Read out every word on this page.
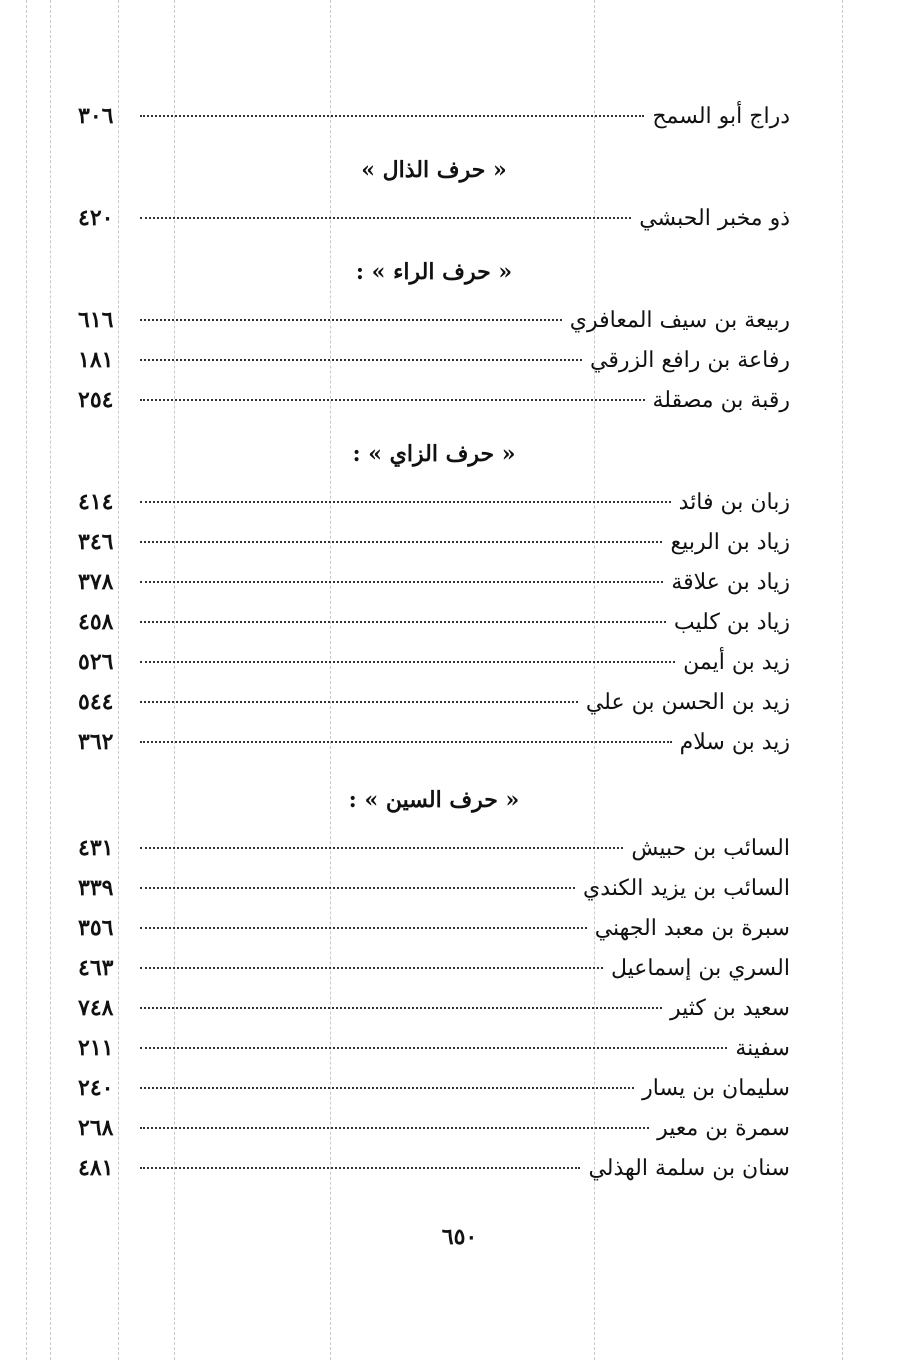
دراج أبو السمح
٣٠٦
« حرف الذال »
ذو مخبر الحبشي
٤٢٠
« حرف الراء » :
ربيعة بن سيف المعافري
٦١٦
رفاعة بن رافع الزرقي
١٨١
رقبة بن مصقلة
٢٥٤
« حرف الزاي » :
زبان بن فائد
٤١٤
زياد بن الربيع
٣٤٦
زياد بن علاقة
٣٧٨
زياد بن كليب
٤٥٨
زيد بن أيمن
٥٢٦
زيد بن الحسن بن علي
٥٤٤
زيد بن سلام
٣٦٢
« حرف السين » :
السائب بن حبيش
٤٣١
السائب بن يزيد الكندي
٣٣٩
سبرة بن معبد الجهني
٣٥٦
السري بن إسماعيل
٤٦٣
سعيد بن كثير
٧٤٨
سفينة
٢١١
سليمان بن يسار
٢٤٠
سمرة بن معير
٢٦٨
سنان بن سلمة الهذلي
٤٨١
٦٥٠
